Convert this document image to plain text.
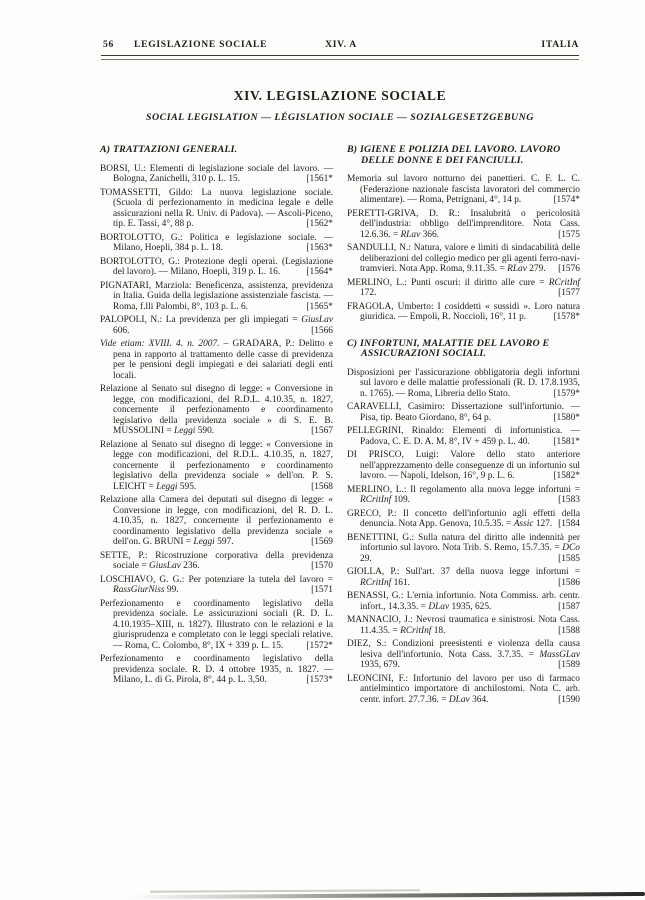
56 LEGISLAZIONE SOCIALE	XIV. A	ITALIA
XIV. LEGISLAZIONE SOCIALE
SOCIAL LEGISLATION — LÉGISLATION SOCIALE — SOZIALGESETZGEBUNG
A) TRATTAZIONI GENERALI.

BORSI, U.: Elementi di legislazione sociale del lavoro. — Bologna, Zanichelli, 310 p. L. 15.	[1561*

TOMASSETTI, Gildo: La nuova legislazione sociale. (Scuola di perfezionamento in medicina legale e delle assicurazioni nella R. Univ. di Padova). — Ascoli-Piceno, tip. E. Tassi, 4°, 88 p.	[1562*

BORTOLOTTO, G.: Politica e legislazione sociale. — Milano, Hoepli, 384 p. L. 18.	[1563*

BORTOLOTTO, G.: Protezione degli operai. (Legislazione del lavoro). — Milano, Hoepli, 319 p. L. 16.	[1564*

PIGNATARI, Marziola: Beneficenza, assistenza, previdenza in Italia. Guida della legislazione assistenziale fascista. — Roma, f.lli Palombi, 8°, 103 p. L. 6.	[1565*

PALOPOLI, N.: La previdenza per gli impiegati = GiusLav 606.	[1566

Vide etiam: XVIII. 4. n. 2007. – GRADARA, P.: Delitto e pena in rapporto al trattamento delle casse di previdenza per le pensioni degli impiegati e dei salariati degli enti locali.

Relazione al Senato sul disegno di legge: « Conversione in legge, con modificazioni, del R.D.L. 4.10.35, n. 1827, concernente il perfezionamento e coordinamento legislativo della previdenza sociale » di S. E. B. MUSSOLINI = Leggi 590.	[1567

Relazione al Senato sul disegno di legge: « Conversione in legge con modificazioni, del R.D.L. 4.10.35, n. 1827, concernente il perfezionamento e coordinamento legislativo della previdenza sociale » dell'on. P. S. LEICHT = Leggi 595.	[1568

Relazione alla Camera dei deputati sul disegno di legge: « Conversione in legge, con modificazioni, del R. D. L. 4.10.35, n. 1827, concernente il perfezionamento e coordinamento legislativo della previdenza sociale » dell'on. G. BRUNI = Leggi 597.	[1569

SETTE, P.: Ricostruzione corporativa della previdenza sociale = GiusLav 236.	[1570

LOSCHIAVO, G. G.: Per potenziare la tutela del lavoro = RassGiurNiss 99.	[1571

Perfezionamento e coordinamento legislativo della previdenza sociale. Le assicurazioni sociali (R. D. L. 4.10.1935–XIII, n. 1827). Illustrato con le relazioni e la giurisprudenza e completato con le leggi speciali relative. — Roma, C. Colombo, 8°, IX + 339 p. L. 15. [1572*

Perfezionamento e coordinamento legislativo della previdenza sociale. R. D. 4 ottobre 1935, n. 1827. — Milano, L. di G. Pirola, 8°, 44 p. L. 3,50.	[1573*

B) IGIENE E POLIZIA DEL LAVORO. LAVORO DELLE DONNE E DEI FANCIULLI.

Memoria sul lavoro notturno dei panettieri. C. F. L. C. (Federazione nazionale fascista lavoratori del commercio alimentare). — Roma, Petrignani, 4°, 14 p.	[1574*

PERETTI-GRIVA, D. R.: Insalubrità o pericolosità dell'industria: obbligo dell'imprenditore. Nota Cass. 12.6.36. = RLav 366.	[1575

SANDULLI, N.: Natura, valore e limiti di sindacabilità delle deliberazioni del collegio medico per gli agenti ferro-navi-tramvieri. Nota App. Roma, 9.11.35. = RLav 279. [1576

MERLINO, L.: Punti oscuri: il diritto alle cure = RCritInf 172.	[1577

FRAGOLA, Umberto: I cosiddetti « sussidi ». Loro natura giuridica. — Empoli, R. Noccioli, 16°, 11 p.	[1578*

C) INFORTUNI, MALATTIE DEL LAVORO E ASSICURAZIONI SOCIALI.

Disposizioni per l'assicurazione obbligatoria degli infortuni sul lavoro e delle malattie professionali (R. D. 17.8.1935, n. 1765). — Roma, Libreria dello Stato.	[1579*

CARAVELLI, Casimiro: Dissertazione sull'infortunio. — Pisa, tip. Beato Giordano, 8°, 64 p.	[1580*

PELLEGRINI, Rinaldo: Elementi di infortunistica. — Padova, C. E. D. A. M. 8°, IV + 459 p. L. 40.	[1581*

DI PRISCO, Luigi: Valore dello stato anteriore nell'apprezzamento delle conseguenze di un infortunio sul lavoro. — Napoli, Idelson, 16°, 9 p. L. 6.	[1582*

MERLINO, L.: Il regolamento alla nuova legge infortuni = RCritInf 109.	[1583

GRECO, P.: Il concetto dell'infortunio agli effetti della denuncia. Nota App. Genova, 10.5.35. = Assic 127. [1584

BENETTINI, G.: Sulla natura del diritto alle indennità per infortunio sul lavoro. Nota Trib. S. Remo, 15.7.35. = DCo 29.	[1585

GIOLLA, P.: Sull'art. 37 della nuova legge infortuni = RCritInf 161.	[1586

BENASSI, G.: L'ernia infortunio. Nota Commiss. arb. centr. infort., 14.3.35. = DLav 1935, 625.	[1587

MANNACIO, J.: Nevrosi traumatica e sinistrosi. Nota Cass. 11.4.35. = RCritInf 18.	[1588

DIEZ, S.: Condizioni preesistenti e violenza della causa lesiva dell'infortunio. Nota Cass. 3.7.35. = MassGLav 1935, 679.	[1589

LEONCINI, F.: Infortunio del lavoro per uso di farmaco antielmintico importatore di anchilostomi. Nota C. arb. centr. infort. 27.7.36. = DLav 364.	[1590
